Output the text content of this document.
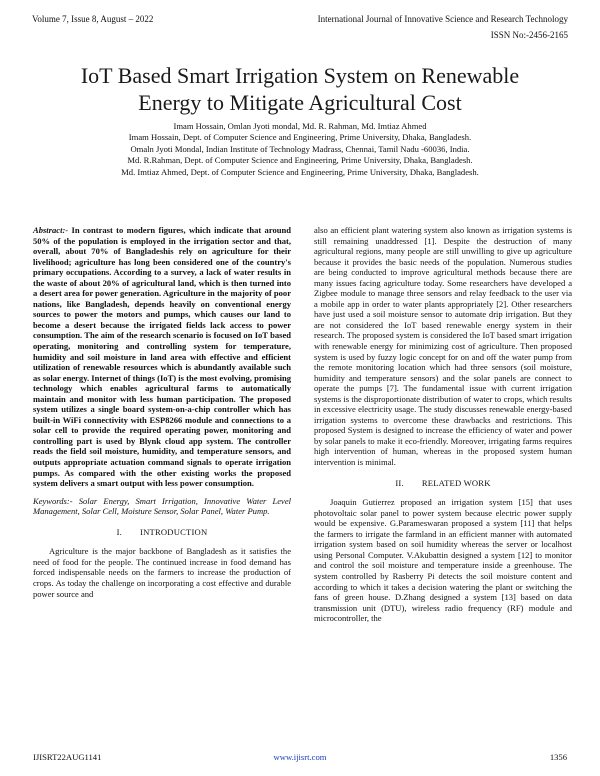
Volume 7, Issue 8, August – 2022	International Journal of Innovative Science and Research Technology
ISSN No:-2456-2165
IoT Based Smart Irrigation System on Renewable
Energy to Mitigate Agricultural Cost
Imam Hossain, Omlan Jyoti mondal, Md. R. Rahman, Md. Imtiaz Ahmed
Imam Hossain, Dept. of Computer Science and Engineering, Prime University, Dhaka, Bangladesh.
Omaln Jyoti Mondal, Indian Institute of Technology Madrass, Chennai, Tamil Nadu -60036, India.
Md. R.Rahman, Dept. of Computer Science and Engineering, Prime University, Dhaka, Bangladesh.
Md. Imtiaz Ahmed, Dept. of Computer Science and Engineering, Prime University, Dhaka, Bangladesh.

Abstract:- In contrast to modern figures, which indicate that around 50% of the population is employed in the irrigation sector and that, overall, about 70% of Bangladeshis rely on agriculture for their livelihood; agriculture has long been considered one of the country's primary occupations. According to a survey, a lack of water results in the waste of about 20% of agricultural land, which is then turned into a desert area for power generation. Agriculture in the majority of poor nations, like Bangladesh, depends heavily on conventional energy sources to power the motors and pumps, which causes our land to become a desert because the irrigated fields lack access to power consumption. The aim of the research scenario is focused on IoT based operating, monitoring and controlling system for temperature, humidity and soil moisture in land area with effective and efficient utilization of renewable resources which is abundantly available such as solar energy. Internet of things (IoT) is the most evolving, promising technology which enables agricultural farms to automatically maintain and monitor with less human participation. The proposed system utilizes a single board system-on-a-chip controller which has built-in WiFi connectivity with ESP8266 module and connections to a solar cell to provide the required operating power, monitoring and controlling part is used by Blynk cloud app system. The controller reads the field soil moisture, humidity, and temperature sensors, and outputs appropriate actuation command signals to operate irrigation pumps. As compared with the other existing works the proposed system delivers a smart output with less power consumption.

Keywords:- Solar Energy, Smart Irrigation, Innovative Water Level Management, Solar Cell, Moisture Sensor, Solar Panel, Water Pump.

I. INTRODUCTION

Agriculture is the major backbone of Bangladesh as it satisfies the need of food for the people. The continued increase in food demand has forced indispensable needs on the farmers to increase the production of crops. As today the challenge on incorporating a cost effective and durable power source and

also an efficient plant watering system also known as irrigation systems is still remaining unaddressed [1]. Despite the destruction of many agricultural regions, many people are still unwilling to give up agriculture because it provides the basic needs of the population. Numerous studies are being conducted to improve agricultural methods because there are many issues facing agriculture today. Some researchers have developed a Zigbee module to manage three sensors and relay feedback to the user via a mobile app in order to water plants appropriately [2]. Other researchers have just used a soil moisture sensor to automate drip irrigation. But they are not considered the IoT based renewable energy system in their research. The proposed system is considered the IoT based smart irrigation with renewable energy for minimizing cost of agriculture. Then proposed system is used by fuzzy logic concept for on and off the water pump from the remote monitoring location which had three sensors (soil moisture, humidity and temperature sensors) and the solar panels are connect to operate the pumps [7]. The fundamental issue with current irrigation systems is the disproportionate distribution of water to crops, which results in excessive electricity usage. The study discusses renewable energy-based irrigation systems to overcome these drawbacks and restrictions. This proposed System is designed to increase the efficiency of water and power by solar panels to make it eco-friendly. Moreover, irrigating farms requires high intervention of human, whereas in the proposed system human intervention is minimal.

II. RELATED WORK

Joaquin Gutierrez proposed an irrigation system [15] that uses photovoltaic solar panel to power system because electric power supply would be expensive. G.Parameswaran proposed a system [11] that helps the farmers to irrigate the farmland in an efficient manner with automated irrigation system based on soil humidity whereas the server or localhost using Personal Computer. V.Akubattin designed a system [12] to monitor and control the soil moisture and temperature inside a greenhouse. The system controlled by Rasberry Pi detects the soil moisture content and according to which it takes a decision watering the plant or switching the fans of green house. D.Zhang designed a system [13] based on data transmission unit (DTU), wireless radio frequency (RF) module and microcontroller, the

IJISRT22AUG1141	www.ijisrt.com	1356
